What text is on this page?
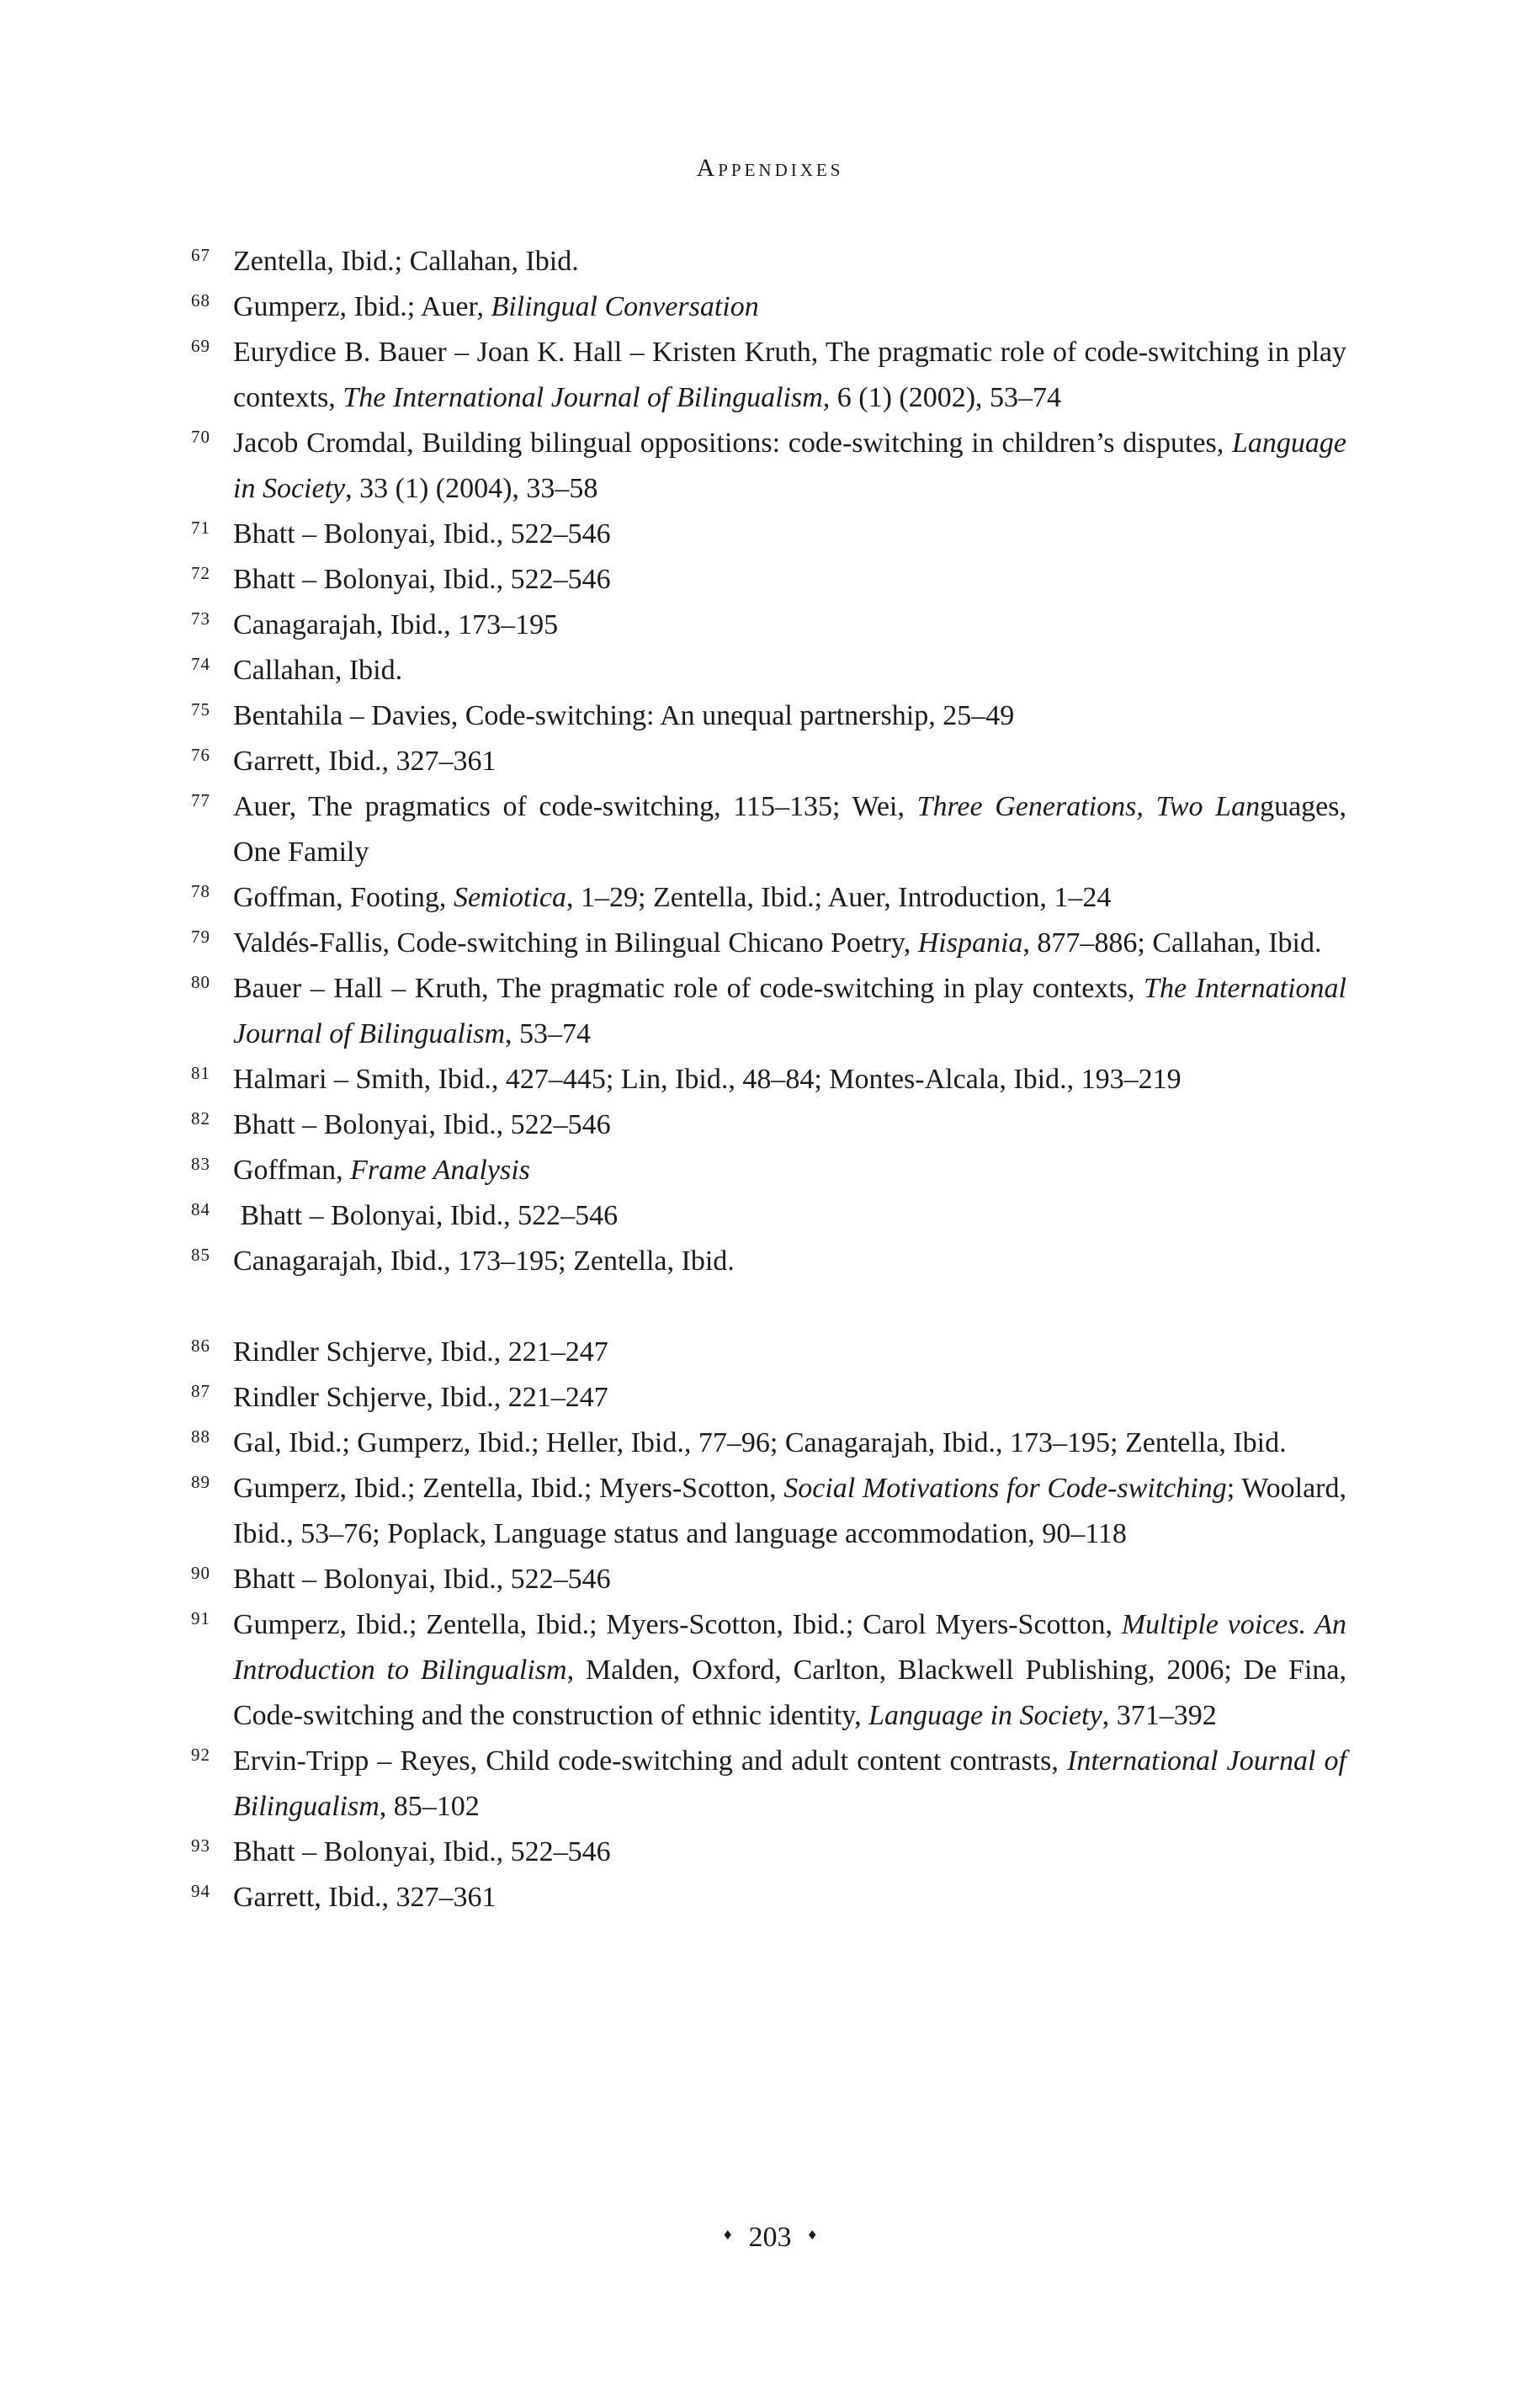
Appendixes
67 Zentella, Ibid.; Callahan, Ibid.
68 Gumperz, Ibid.; Auer, Bilingual Conversation
69 Eurydice B. Bauer – Joan K. Hall – Kristen Kruth, The pragmatic role of code-switching in play contexts, The International Journal of Bilingualism, 6 (1) (2002), 53–74
70 Jacob Cromdal, Building bilingual oppositions: code-switching in children’s disputes, Language in Society, 33 (1) (2004), 33–58
71 Bhatt – Bolonyai, Ibid., 522–546
72 Bhatt – Bolonyai, Ibid., 522–546
73 Canagarajah, Ibid., 173–195
74 Callahan, Ibid.
75 Bentahila – Davies, Code-switching: An unequal partnership, 25–49
76 Garrett, Ibid., 327–361
77 Auer, The pragmatics of code-switching, 115–135; Wei, Three Generations, Two Languages, One Family
78 Goffman, Footing, Semiotica, 1–29; Zentella, Ibid.; Auer, Introduction, 1–24
79 Valdés-Fallis, Code-switching in Bilingual Chicano Poetry, Hispania, 877–886; Callahan, Ibid.
80 Bauer – Hall – Kruth, The pragmatic role of code-switching in play contexts, The International Journal of Bilingualism, 53–74
81 Halmari – Smith, Ibid., 427–445; Lin, Ibid., 48–84; Montes-Alcala, Ibid., 193–219
82 Bhatt – Bolonyai, Ibid., 522–546
83 Goffman, Frame Analysis
84 Bhatt – Bolonyai, Ibid., 522–546
85 Canagarajah, Ibid., 173–195; Zentella, Ibid.
86 Rindler Schjerve, Ibid., 221–247
87 Rindler Schjerve, Ibid., 221–247
88 Gal, Ibid.; Gumperz, Ibid.; Heller, Ibid., 77–96; Canagarajah, Ibid., 173–195; Zentella, Ibid.
89 Gumperz, Ibid.; Zentella, Ibid.; Myers-Scotton, Social Motivations for Code-switching; Woolard, Ibid., 53–76; Poplack, Language status and language accommodation, 90–118
90 Bhatt – Bolonyai, Ibid., 522–546
91 Gumperz, Ibid.; Zentella, Ibid.; Myers-Scotton, Ibid.; Carol Myers-Scotton, Multiple voices. An Introduction to Bilingualism, Malden, Oxford, Carlton, Blackwell Publishing, 2006; De Fina, Code-switching and the construction of ethnic identity, Language in Society, 371–392
92 Ervin-Tripp – Reyes, Child code-switching and adult content contrasts, International Journal of Bilingualism, 85–102
93 Bhatt – Bolonyai, Ibid., 522–546
94 Garrett, Ibid., 327–361
♦ 203 ♦
